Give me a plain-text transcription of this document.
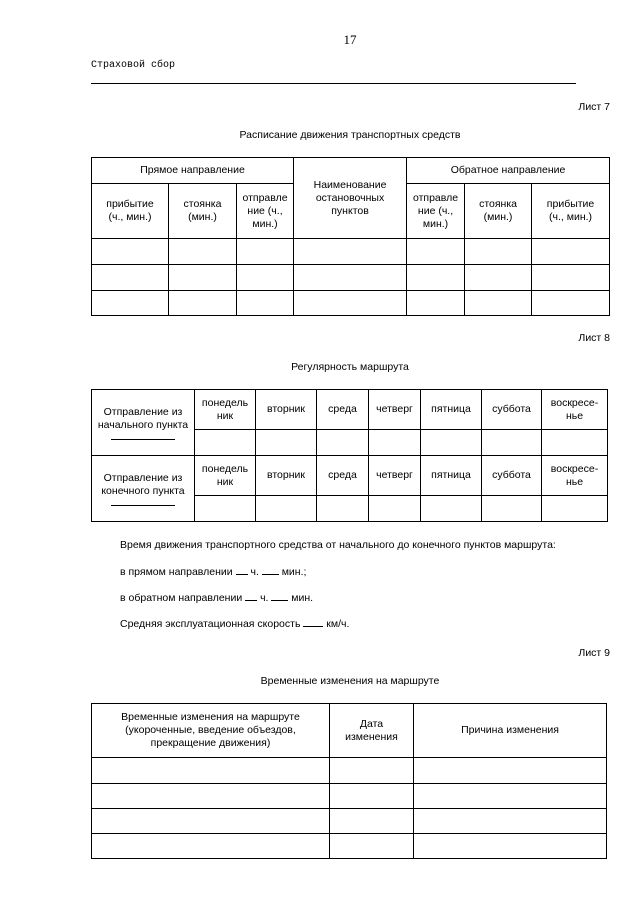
17
Страховой сбор
Лист 7
Расписание движения транспортных средств
Прямое направление			Наименование остановочных пунктов	Обратное направление		
прибытие (ч., мин.)	стоянка (мин.)	отправле ние (ч., мин.)		отправле ние (ч., мин.)	стоянка (мин.)	прибытие (ч., мин.)

Лист 8
Регулярность маршрута
Отправление из начального пункта	понедель ник	вторник	среда	четверг	пятница	суббота	воскресе- нье

Отправление из конечного пункта	понедель ник	вторник	среда	четверг	пятница	суббота	воскресе- нье

Время движения транспортного средства от начального до конечного пунктов маршрута:
в прямом направлении ч. мин.;
в обратном направлении ч. мин.
Средняя эксплуатационная скорость км/ч.
Лист 9
Временные изменения на маршруте
Временные изменения на маршруте (укороченные, введение объездов, прекращение движения)	Дата изменения	Причина изменения
